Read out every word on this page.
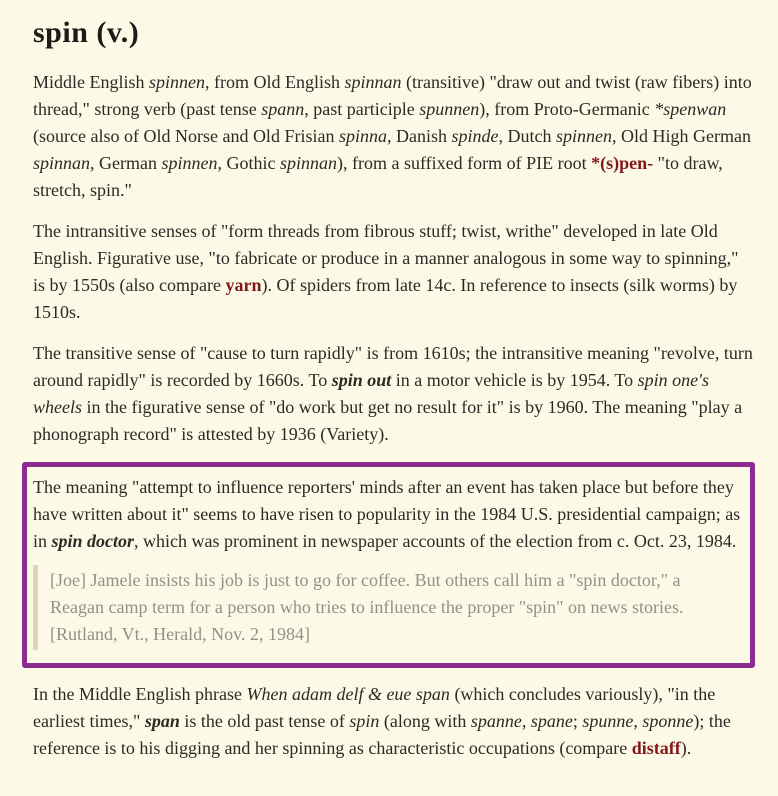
spin (v.)

Middle English spinnen, from Old English spinnan (transitive) "draw out and twist (raw fibers) into thread," strong verb (past tense spann, past participle spunnen), from Proto-Germanic *spenwan (source also of Old Norse and Old Frisian spinna, Danish spinde, Dutch spinnen, Old High German spinnan, German spinnen, Gothic spinnan), from a suffixed form of PIE root *(s)pen- "to draw, stretch, spin."

The intransitive senses of "form threads from fibrous stuff; twist, writhe" developed in late Old English. Figurative use, "to fabricate or produce in a manner analogous in some way to spinning," is by 1550s (also compare yarn). Of spiders from late 14c. In reference to insects (silk worms) by 1510s.

The transitive sense of "cause to turn rapidly" is from 1610s; the intransitive meaning "revolve, turn around rapidly" is recorded by 1660s. To spin out in a motor vehicle is by 1954. To spin one's wheels in the figurative sense of "do work but get no result for it" is by 1960. The meaning "play a phonograph record" is attested by 1936 (Variety).

The meaning "attempt to influence reporters' minds after an event has taken place but before they have written about it" seems to have risen to popularity in the 1984 U.S. presidential campaign; as in spin doctor, which was prominent in newspaper accounts of the election from c. Oct. 23, 1984.

[Joe] Jamele insists his job is just to go for coffee. But others call him a "spin doctor," a Reagan camp term for a person who tries to influence the proper "spin" on news stories. [Rutland, Vt., Herald, Nov. 2, 1984]

In the Middle English phrase When adam delf & eue span (which concludes variously), "in the earliest times," span is the old past tense of spin (along with spanne, spane; spunne, sponne); the reference is to his digging and her spinning as characteristic occupations (compare distaff).
